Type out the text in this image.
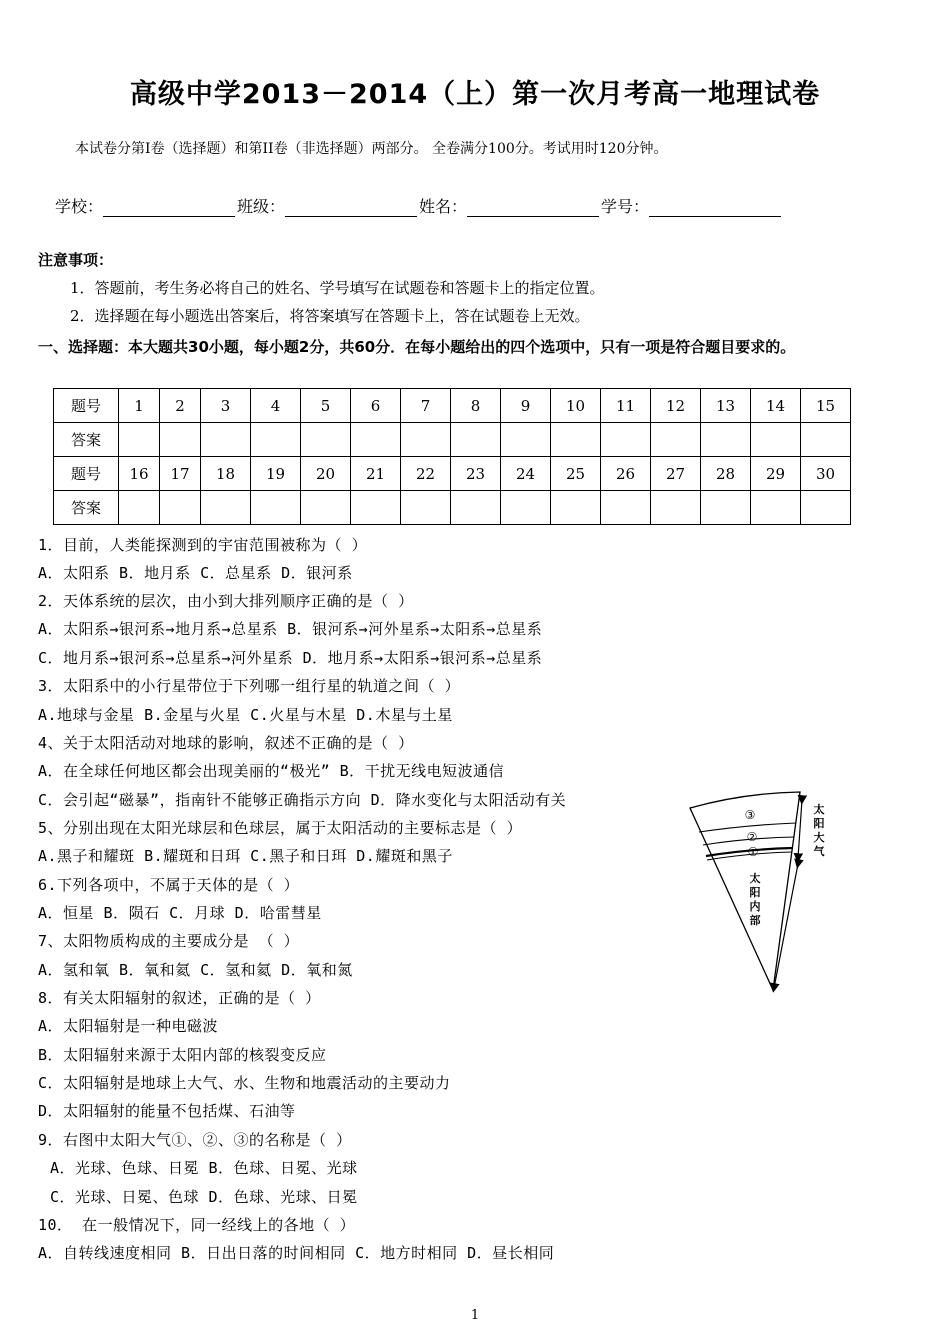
高级中学2013－2014（上）第一次月考高一地理试卷
本试卷分第I卷（选择题）和第II卷（非选择题）两部分。 全卷满分100分。考试用时120分钟。
学校：	班级：	姓名：	学号：
注意事项：
1．答题前，考生务必将自己的姓名、学号填写在试题卷和答题卡上的指定位置。
2．选择题在每小题选出答案后，将答案填写在答题卡上，答在试题卷上无效。
一、选择题：本大题共30小题，每小题2分，共60分．在每小题给出的四个选项中，只有一项是符合题目要求的。
题号	1	2	3	4	5	6	7	8	9	10	11	12	13	14	15
答案															
题号	16	17	18	19	20	21	22	23	24	25	26	27	28	29	30
答案															
1．目前，人类能探测到的宇宙范围被称为（ ）
A．太阳系 B．地月系 C．总星系 D．银河系
2．天体系统的层次，由小到大排列顺序正确的是（ ）
A．太阳系→银河系→地月系→总星系 B．银河系→河外星系→太阳系→总星系
C．地月系→银河系→总星系→河外星系 D．地月系→太阳系→银河系→总星系
3．太阳系中的小行星带位于下列哪一组行星的轨道之间（ ）
A.地球与金星 B.金星与火星 C.火星与木星 D.木星与土星
4、关于太阳活动对地球的影响，叙述不正确的是（ ）
A．在全球任何地区都会出现美丽的“极光” B．干扰无线电短波通信
C．会引起“磁暴”，指南针不能够正确指示方向 D．降水变化与太阳活动有关
5、分别出现在太阳光球层和色球层，属于太阳活动的主要标志是（ ）
A.黑子和耀斑 B.耀斑和日珥 C.黑子和日珥 D.耀斑和黑子
6.下列各项中，不属于天体的是（ ）
A．恒星 B．陨石 C．月球 D．哈雷彗星
7、太阳物质构成的主要成分是 （ ）
A．氢和氧 B．氧和氦 C．氢和氦 D．氧和氮
8．有关太阳辐射的叙述，正确的是（ ）
A．太阳辐射是一种电磁波
B．太阳辐射来源于太阳内部的核裂变反应
C．太阳辐射是地球上大气、水、生物和地震活动的主要动力
D．太阳辐射的能量不包括煤、石油等
9．右图中太阳大气①、②、③的名称是（ ）
A．光球、色球、日冕 B．色球、日冕、光球
C．光球、日冕、色球 D．色球、光球、日冕
10． 在一般情况下，同一经线上的各地（ ）
A．自转线速度相同 B．日出日落的时间相同 C．地方时相同 D．昼长相同
③
②
①
太
阳
大
气
太
阳
内
部
1
